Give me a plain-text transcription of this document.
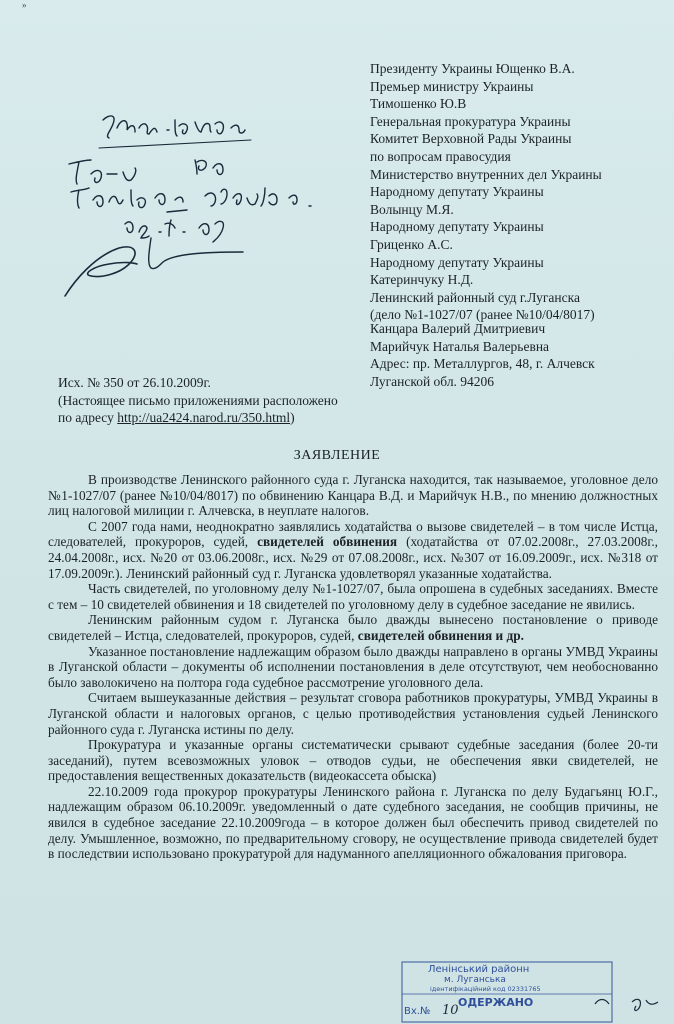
»
Президенту Украины Ющенко В.А.
Премьер министру Украины
Тимошенко Ю.В
Генеральная прокуратура Украины
Комитет Верховной Рады Украины
по вопросам правосудия
Министерство внутренних дел Украины
Народному депутату Украины
Волынцу М.Я.
Народному депутату Украины
Гриценко А.С.
Народному депутату Украины
Катеринчуку Н.Д.
Ленинский районный суд г.Луганска
(дело №1-1027/07 (ранее №10/04/8017)
Канцара Валерий Дмитриевич
Марийчук Наталья Валерьевна
Адрес: пр. Металлургов, 48, г. Алчевск
Луганской обл. 94206
Исх. № 350 от 26.10.2009г.
(Настоящее письмо приложениями расположено
по адресу http://ua2424.narod.ru/350.html)
ЗАЯВЛЕНИЕ

В производстве Ленинского районного суда г. Луганска находится, так называемое, уголовное дело №1-1027/07 (ранее №10/04/8017) по обвинению Канцара В.Д. и Марийчук Н.В., по мнению должностных лиц налоговой милиции г. Алчевска, в неуплате налогов.

С 2007 года нами, неоднократно заявлялись ходатайства о вызове свидетелей – в том числе Истца, следователей, прокуроров, судей, свидетелей обвинения (ходатайства от 07.02.2008г., 27.03.2008г., 24.04.2008г., исх. №20 от 03.06.2008г., исх. №29 от 07.08.2008г., исх. №307 от 16.09.2009г., исх. №318 от 17.09.2009г.). Ленинский районный суд г. Луганска удовлетворял указанные ходатайства.

Часть свидетелей, по уголовному делу №1-1027/07, была опрошена в судебных заседаниях. Вместе с тем – 10 свидетелей обвинения и 18 свидетелей по уголовному делу в судебное заседание не явились.

Ленинским районным судом г. Луганска было дважды вынесено постановление о приводе свидетелей – Истца, следователей, прокуроров, судей, свидетелей обвинения и др.

Указанное постановление надлежащим образом было дважды направлено в органы УМВД Украины в Луганской области – документы об исполнении постановления в деле отсутствуют, чем необоснованно было заволокичено на полтора года судебное рассмотрение уголовного дела.

Считаем вышеуказанные действия – результат сговора работников прокуратуры, УМВД Украины в Луганской области и налоговых органов, с целью противодействия установления судьей Ленинского районного суда г. Луганска истины по делу.

Прокуратура и указанные органы систематически срывают судебные заседания (более 20-ти заседаний), путем всевозможных уловок – отводов судьи, не обеспечения явки свидетелей, не предоставления вещественных доказательств (видеокассета обыска)

22.10.2009 года прокурор прокуратуры Ленинского района г. Луганска по делу Будагьянц Ю.Г., надлежащим образом 06.10.2009г. уведомленный о дате судебного заседания, не сообщив причины, не явился в судебное заседание 22.10.2009года – в которое должен был обеспечить привод свидетелей по делу. Умышленное, возможно, по предварительному сговору, не осуществление привода свидетелей будет в последствии использовано прокуратурой для надуманного апелляционного обжалования приговора.

Ленінський районн
м. Луганська
ідентифікаційний код 02331765
ОДЕРЖАНО
Вх.№ 10
